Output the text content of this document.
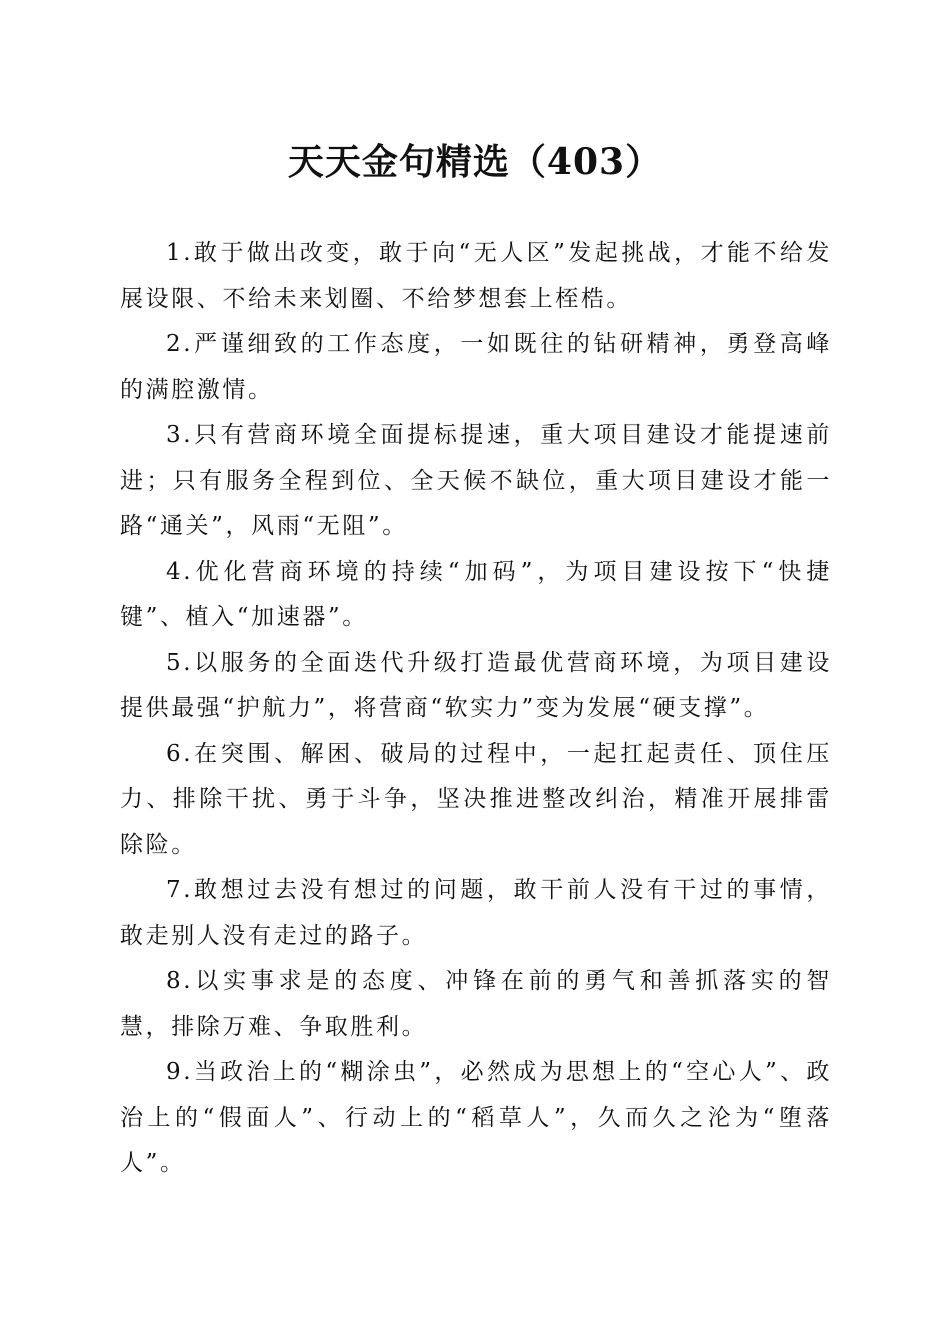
天天金句精选（403）

1.敢于做出改变，敢于向“无人区”发起挑战，才能不给发展设限、不给未来划圈、不给梦想套上桎梏。

2.严谨细致的工作态度，一如既往的钻研精神，勇登高峰的满腔激情。

3.只有营商环境全面提标提速，重大项目建设才能提速前进；只有服务全程到位、全天候不缺位，重大项目建设才能一路“通关”，风雨“无阻”。

4.优化营商环境的持续“加码”，为项目建设按下“快捷键”、植入“加速器”。

5.以服务的全面迭代升级打造最优营商环境，为项目建设提供最强“护航力”，将营商“软实力”变为发展“硬支撑”。

6.在突围、解困、破局的过程中，一起扛起责任、顶住压力、排除干扰、勇于斗争，坚决推进整改纠治，精准开展排雷除险。

7.敢想过去没有想过的问题，敢干前人没有干过的事情，敢走别人没有走过的路子。

8.以实事求是的态度、冲锋在前的勇气和善抓落实的智慧，排除万难、争取胜利。

9.当政治上的“糊涂虫”，必然成为思想上的“空心人”、政治上的“假面人”、行动上的“稻草人”，久而久之沦为“堕落人”。
